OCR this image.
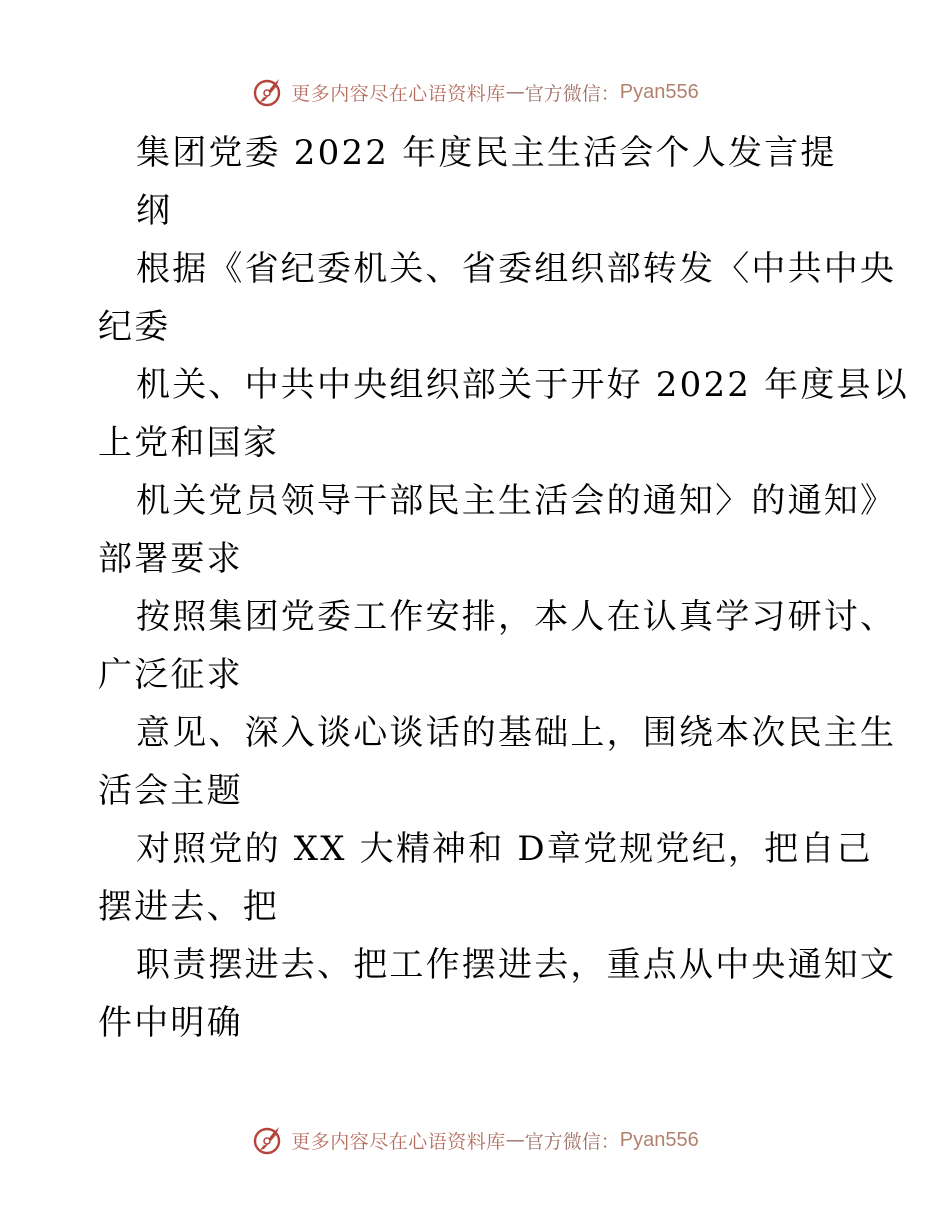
更多内容尽在心语资料库 — 官方微信： Pyan556
集团党委 2022 年度民主生活会个人发言提
纲
根据《省纪委机关、省委组织部转发〈中共中央
纪委
机关、中共中央组织部关于开好 2022 年度县以
上党和国家
机关党员领导干部民主生活会的通知〉的通知》
部署要求
按照集团党委工作安排，本人在认真学习研讨、
广泛征求
意见、深入谈心谈话的基础上，围绕本次民主生
活会主题
对照党的 XX 大精神和 D章党规党纪，把自己
摆进去、把
职责摆进去、把工作摆进去，重点从中央通知文
件中明确
更多内容尽在心语资料库 — 官方微信： Pyan556
